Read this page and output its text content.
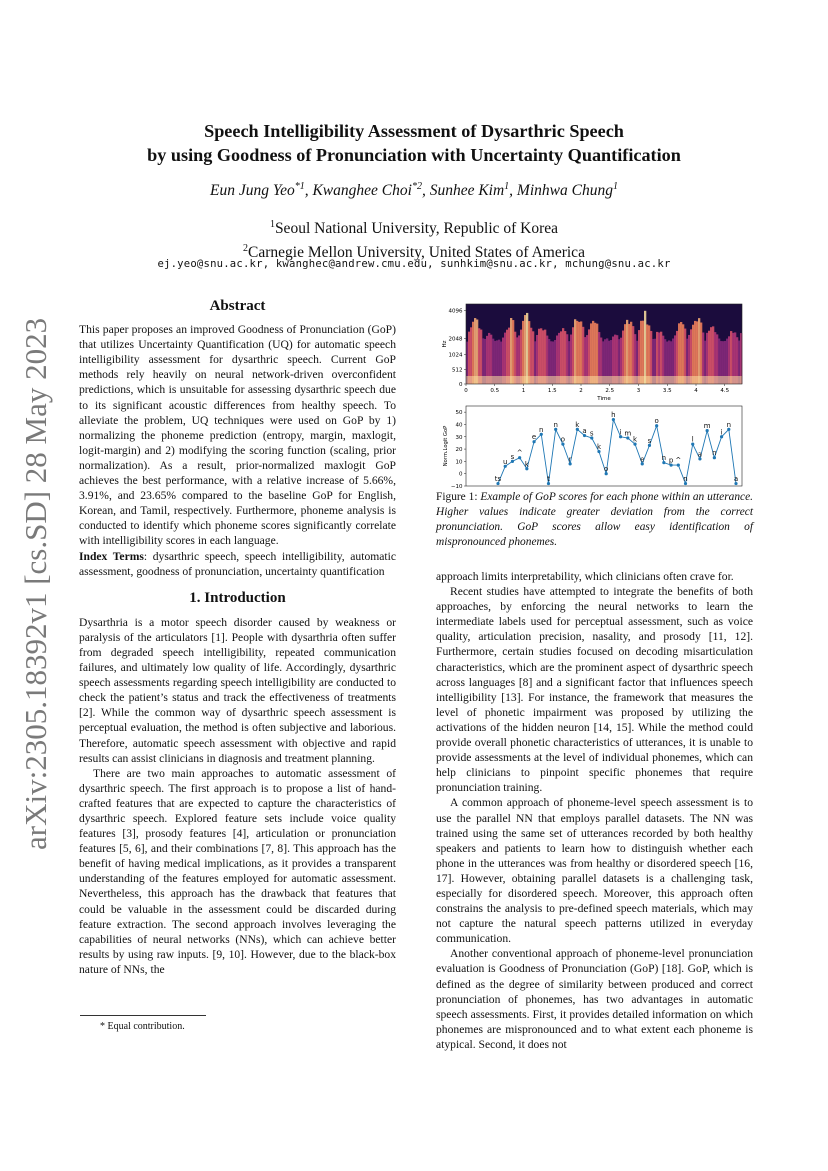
arXiv:2305.18392v1 [cs.SD] 28 May 2023
Speech Intelligibility Assessment of Dysarthric Speech
by using Goodness of Pronunciation with Uncertainty Quantification
Eun Jung Yeo$^{*1}$, Kwanghee Choi$^{*2}$, Sunhee Kim$^1$, Minhwa Chung$^1$
$^1$Seoul National University, Republic of Korea
$^2$Carnegie Mellon University, United States of America
ej.yeo@snu.ac.kr, kwanghec@andrew.cmu.edu, sunhkim@snu.ac.kr, mchung@snu.ac.kr
Abstract

This paper proposes an improved Goodness of Pronunciation (GoP) that utilizes Uncertainty Quantification (UQ) for automatic speech intelligibility assessment for dysarthric speech. Current GoP methods rely heavily on neural network-driven overconfident predictions, which is unsuitable for assessing dysarthric speech due to its significant acoustic differences from healthy speech. To alleviate the problem, UQ techniques were used on GoP by 1) normalizing the phoneme prediction (entropy, margin, maxlogit, logit-margin) and 2) modifying the scoring function (scaling, prior normalization). As a result, prior-normalized maxlogit GoP achieves the best performance, with a relative increase of 5.66%, 3.91%, and 23.65% compared to the baseline GoP for English, Korean, and Tamil, respectively. Furthermore, phoneme analysis is conducted to identify which phoneme scores significantly correlate with intelligibility scores in each language.

Index Terms: dysarthric speech, speech intelligibility, automatic assessment, goodness of pronunciation, uncertainty quantification

1. Introduction

Dysarthria is a motor speech disorder caused by weakness or paralysis of the articulators [1]. People with dysarthria often suffer from degraded speech intelligibility, repeated communication failures, and ultimately low quality of life. Accordingly, dysarthric speech assessments regarding speech intelligibility are conducted to check the patient’s status and track the effectiveness of treatments [2]. While the common way of dysarthric speech assessment is perceptual evaluation, the method is often subjective and laborious. Therefore, automatic speech assessment with objective and rapid results can assist clinicians in diagnosis and treatment planning.

There are two main approaches to automatic assessment of dysarthric speech. The first approach is to propose a list of hand-crafted features that are expected to capture the characteristics of dysarthric speech. Explored feature sets include voice quality features [3], prosody features [4], articulation or pronunciation features [5, 6], and their combinations [7, 8]. This approach has the benefit of having medical implications, as it provides a transparent understanding of the features employed for automatic assessment. Nevertheless, this approach has the drawback that features that could be valuable in the assessment could be discarded during feature extraction. The second approach involves leveraging the capabilities of neural networks (NNs), which can achieve better results by using raw inputs. [9, 10]. However, due to the black-box nature of NNs, the

* Equal contribution.
0	0.5	1	1.5	2	2.5	3	3.5	4	4.5
0
512
1024
2048
4096
Time
Hz
−10
0
10
20
30
40
50
Norm.Logit GoP
ts
u
s ^
k
e
n
t
n
o
r
k
a s
k
o
h
i m
k
e
s
o
n p ^
n
l
a
m
n
i
n
a
Figure 1: Example of GoP scores for each phone within an utterance. Higher values indicate greater deviation from the correct pronunciation. GoP scores allow easy identification of mispronounced phonemes.

approach limits interpretability, which clinicians often crave for.

Recent studies have attempted to integrate the benefits of both approaches, by enforcing the neural networks to learn the intermediate labels used for perceptual assessment, such as voice quality, articulation precision, nasality, and prosody [11, 12]. Furthermore, certain studies focused on decoding misarticulation characteristics, which are the prominent aspect of dysarthric speech across languages [8] and a significant factor that influences speech intelligibility [13]. For instance, the framework that measures the level of phonetic impairment was proposed by utilizing the activations of the hidden neuron [14, 15]. While the method could provide overall phonetic characteristics of utterances, it is unable to provide assessments at the level of individual phonemes, which can help clinicians to pinpoint specific phonemes that require pronunciation training.

A common approach of phoneme-level speech assessment is to use the parallel NN that employs parallel datasets. The NN was trained using the same set of utterances recorded by both healthy speakers and patients to learn how to distinguish whether each phone in the utterances was from healthy or disordered speech [16, 17]. However, obtaining parallel datasets is a challenging task, especially for disordered speech. Moreover, this approach often constrains the analysis to pre-defined speech materials, which may not capture the natural speech patterns utilized in everyday communication.

Another conventional approach of phoneme-level pronunciation evaluation is Goodness of Pronunciation (GoP) [18]. GoP, which is defined as the degree of similarity between produced and correct pronunciation of phonemes, has two advantages in automatic speech assessments. First, it provides detailed information on which phonemes are mispronounced and to what extent each phoneme is atypical. Second, it does not
